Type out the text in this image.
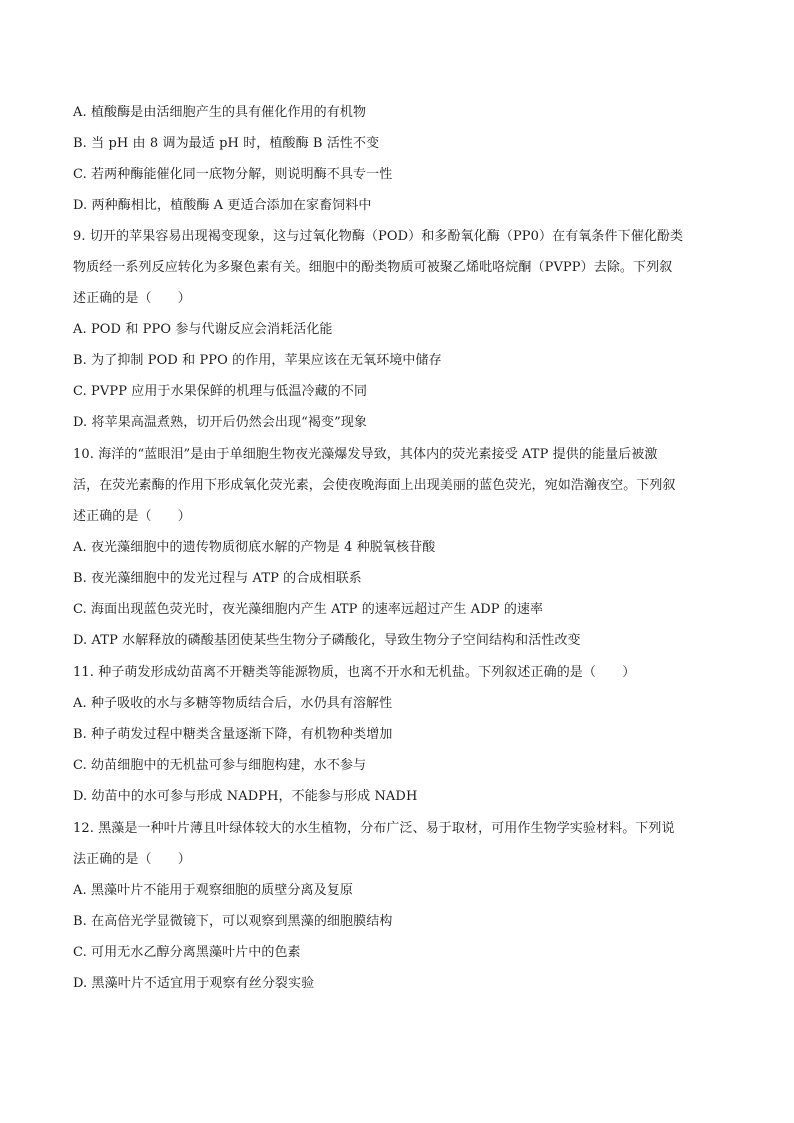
A. 植酸酶是由活细胞产生的具有催化作用的有机物
B. 当 pH 由 8 调为最适 pH 时，植酸酶 B 活性不变
C. 若两种酶能催化同一底物分解，则说明酶不具专一性
D. 两种酶相比，植酸酶 A 更适合添加在家畜饲料中
9. 切开的苹果容易出现褐变现象，这与过氧化物酶（POD）和多酚氧化酶（PP0）在有氧条件下催化酚类
物质经一系列反应转化为多聚色素有关。细胞中的酚类物质可被聚乙烯吡咯烷酮（PVPP）去除。下列叙
述正确的是（　　）
A. POD 和 PPO 参与代谢反应会消耗活化能
B. 为了抑制 POD 和 PPO 的作用，苹果应该在无氧环境中储存
C. PVPP 应用于水果保鲜的机理与低温冷藏的不同
D. 将苹果高温煮熟，切开后仍然会出现“褐变”现象
10. 海洋的“蓝眼泪”是由于单细胞生物夜光藻爆发导致，其体内的荧光素接受 ATP 提供的能量后被激
活，在荧光素酶的作用下形成氧化荧光素，会使夜晚海面上出现美丽的蓝色荧光，宛如浩瀚夜空。下列叙
述正确的是（　　）
A. 夜光藻细胞中的遗传物质彻底水解的产物是 4 种脱氧核苷酸
B. 夜光藻细胞中的发光过程与 ATP 的合成相联系
C. 海面出现蓝色荧光时，夜光藻细胞内产生 ATP 的速率远超过产生 ADP 的速率
D. ATP 水解释放的磷酸基团使某些生物分子磷酸化，导致生物分子空间结构和活性改变
11. 种子萌发形成幼苗离不开糖类等能源物质，也离不开水和无机盐。下列叙述正确的是（　　）
A. 种子吸收的水与多糖等物质结合后，水仍具有溶解性
B. 种子萌发过程中糖类含量逐渐下降，有机物种类增加
C. 幼苗细胞中的无机盐可参与细胞构建，水不参与
D. 幼苗中的水可参与形成 NADPH，不能参与形成 NADH
12. 黑藻是一种叶片薄且叶绿体较大的水生植物，分布广泛、易于取材，可用作生物学实验材料。下列说
法正确的是（　　）
A. 黑藻叶片不能用于观察细胞的质壁分离及复原
B. 在高倍光学显微镜下，可以观察到黑藻的细胞膜结构
C. 可用无水乙醇分离黑藻叶片中的色素
D. 黑藻叶片不适宜用于观察有丝分裂实验
